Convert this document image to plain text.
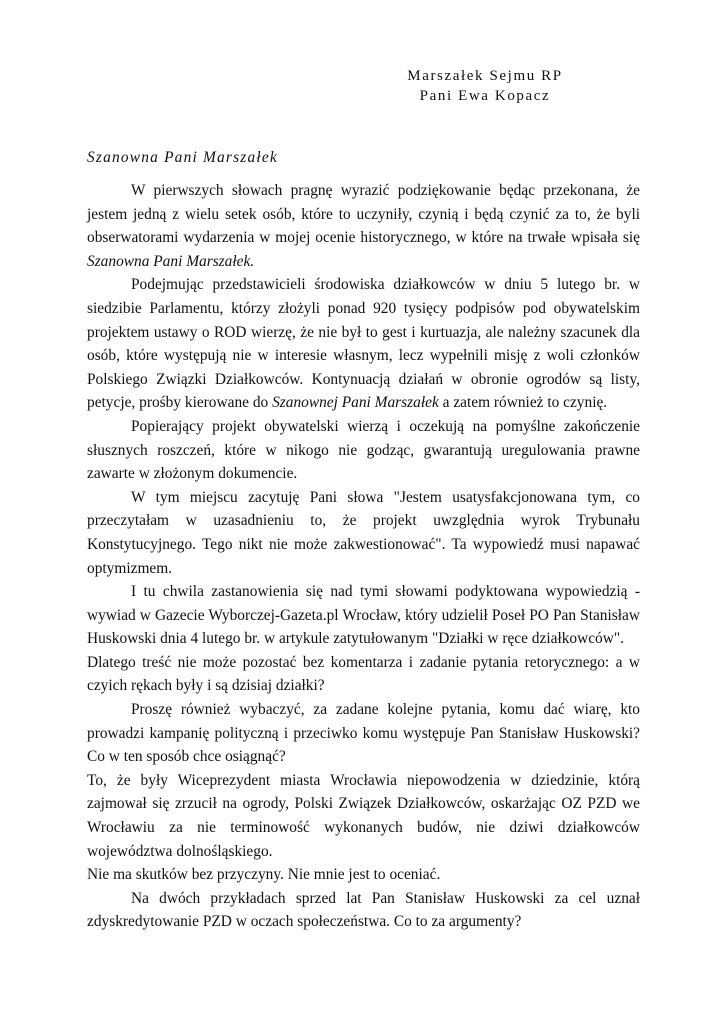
Marszałek Sejmu RP
Pani Ewa Kopacz
Szanowna Pani Marszałek

W pierwszych słowach pragnę wyrazić podziękowanie będąc przekonana, że jestem jedną z wielu setek osób, które to uczyniły, czynią i będą czynić za to, że byli obserwatorami wydarzenia w mojej ocenie historycznego, w które na trwałe wpisała się Szanowna Pani Marszałek.

Podejmując przedstawicieli środowiska działkowców w dniu 5 lutego br. w siedzibie Parlamentu, którzy złożyli ponad 920 tysięcy podpisów pod obywatelskim projektem ustawy o ROD wierzę, że nie był to gest i kurtuazja, ale należny szacunek dla osób, które występują nie w interesie własnym, lecz wypełnili misję z woli członków Polskiego Związki Działkowców. Kontynuacją działań w obronie ogrodów są listy, petycje, prośby kierowane do Szanownej Pani Marszałek a zatem również to czynię.

Popierający projekt obywatelski wierzą i oczekują na pomyślne zakończenie słusznych roszczeń, które w nikogo nie godząc, gwarantują uregulowania prawne zawarte w złożonym dokumencie.

W tym miejscu zacytuję Pani słowa "Jestem usatysfakcjonowana tym, co przeczytałam w uzasadnieniu to, że projekt uwzględnia wyrok Trybunału Konstytucyjnego. Tego nikt nie może zakwestionować". Ta wypowiedź musi napawać optymizmem.

I tu chwila zastanowienia się nad tymi słowami podyktowana wypowiedzią - wywiad w Gazecie Wyborczej-Gazeta.pl Wrocław, który udzielił Poseł PO Pan Stanisław Huskowski dnia 4 lutego br. w artykule zatytułowanym "Działki w ręce działkowców".

Dlatego treść nie może pozostać bez komentarza i zadanie pytania retorycznego: a w czyich rękach były i są dzisiaj działki?

Proszę również wybaczyć, za zadane kolejne pytania, komu dać wiarę, kto prowadzi kampanię polityczną i przeciwko komu występuje Pan Stanisław Huskowski? Co w ten sposób chce osiągnąć?

To, że były Wiceprezydent miasta Wrocławia niepowodzenia w dziedzinie, którą zajmował się zrzucił na ogrody, Polski Związek Działkowców, oskarżając OZ PZD we Wrocławiu za nie terminowość wykonanych budów, nie dziwi działkowców województwa dolnośląskiego.

Nie ma skutków bez przyczyny. Nie mnie jest to oceniać.

Na dwóch przykładach sprzed lat Pan Stanisław Huskowski za cel uznał zdyskredytowanie PZD w oczach społeczeństwa. Co to za argumenty?
